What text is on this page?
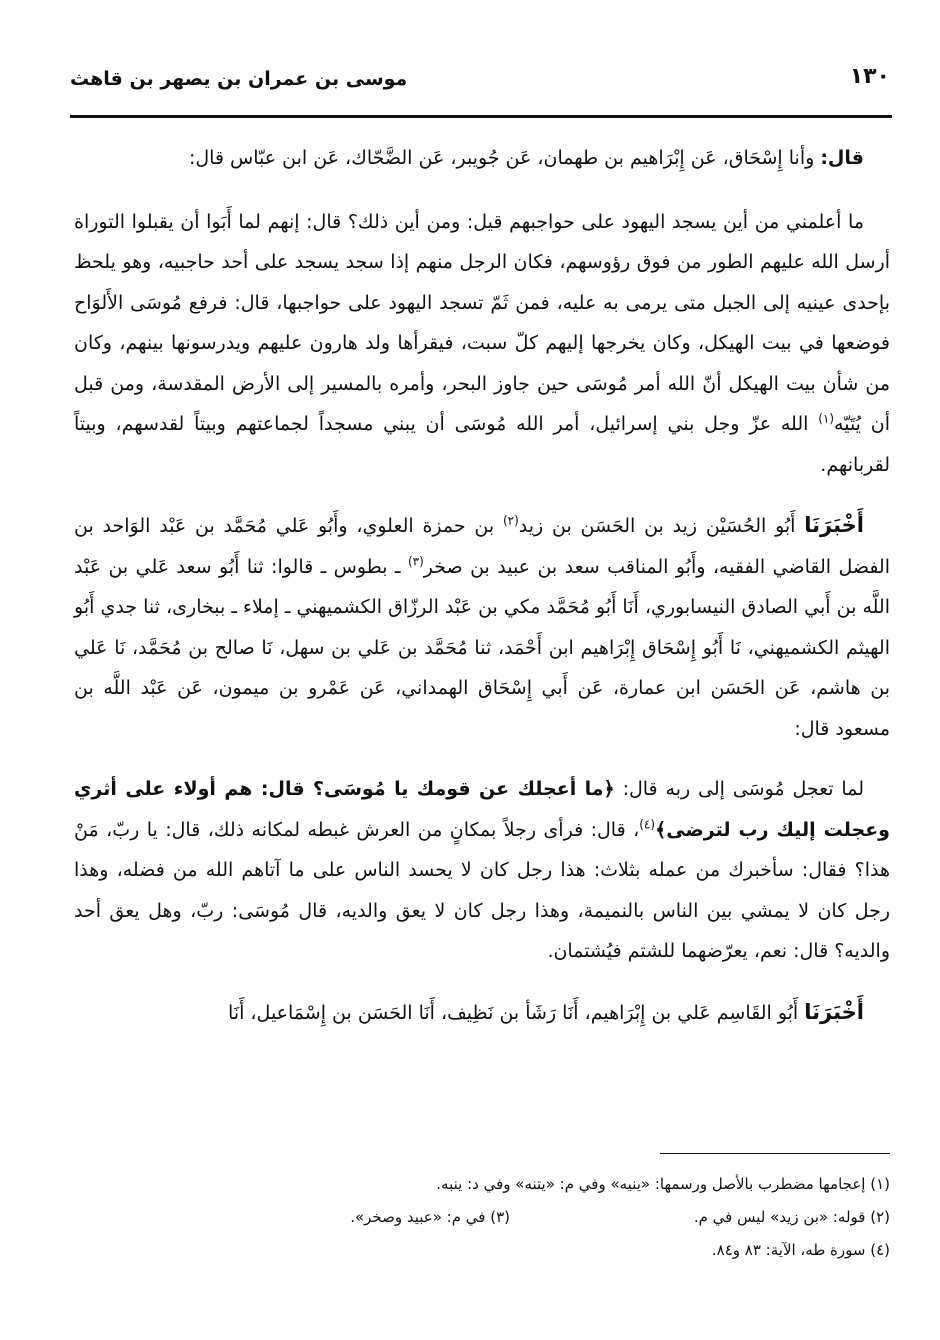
١٣٠
موسى بن عمران بن يصهر بن قاهث

قال: وأنا إِسْحَاق، عَن إِبْرَاهيم بن طهمان، عَن جُويبر، عَن الضَّحّاك، عَن ابن عبّاس قال:

ما أعلمني من أين يسجد اليهود على حواجبهم قيل: ومن أين ذلك؟ قال: إنهم لما أَبَوا أن يقبلوا التوراة أرسل الله عليهم الطور من فوق رؤوسهم، فكان الرجل منهم إذا سجد يسجد على أحد حاجبيه، وهو يلحظ بإحدى عينيه إلى الجبل متى يرمى به عليه، فمن ثَمّ تسجد اليهود على حواجبها، قال: فرفع مُوسَى الأَلوَاح فوضعها في بيت الهيكل، وكان يخرجها إليهم كلّ سبت، فيقرأها ولد هارون عليهم ويدرسونها بينهم، وكان من شأن بيت الهيكل أنّ الله أمر مُوسَى حين جاوز البحر، وأمره بالمسير إلى الأرض المقدسة، ومن قبل أن يُتَيّه$^{(١)}$ الله عزّ وجل بني إسرائيل، أمر الله مُوسَى أن يبني مسجداً لجماعتهم وبيتاً لقدسهم، وبيتاً لقربانهم.

أَخْبَرَنَا أَبُو الحُسَيْن زيد بن الحَسَن بن زيد$^{(٢)}$ بن حمزة العلوي، وأَبُو عَلي مُحَمَّد بن عَبْد الوَاحد بن الفضل القاضي الفقيه، وأَبُو المناقب سعد بن عبيد بن صخر$^{(٣)}$ ـ بطوس ـ قالوا: ثنا أَبُو سعد عَلي بن عَبْد اللَّه بن أَبي الصادق النيسابوري، أَنَا أَبُو مُحَمَّد مكي بن عَبْد الرزّاق الكشميهني ـ إملاء ـ ببخارى، ثنا جدي أَبُو الهيثم الكشميهني، نَا أَبُو إِسْحَاق إِبْرَاهيم ابن أَحْمَد، ثنا مُحَمَّد بن عَلي بن سهل، نَا صالح بن مُحَمَّد، نَا عَلي بن هاشم، عَن الحَسَن ابن عمارة، عَن أَبي إِسْحَاق الهمداني، عَن عَمْرو بن ميمون، عَن عَبْد اللَّه بن مسعود قال:

لما تعجل مُوسَى إلى ربه قال: ﴿ما أعجلك عن قومك يا مُوسَى؟ قال: هم أولاء على أثري وعجلت إليك رب لترضى﴾$^{(٤)}$، قال: فرأى رجلاً بمكانٍ من العرش غبطه لمكانه ذلك، قال: يا ربّ، مَنْ هذا؟ فقال: سأخبرك من عمله بثلاث: هذا رجل كان لا يحسد الناس على ما آتاهم الله من فضله، وهذا رجل كان لا يمشي بين الناس بالنميمة، وهذا رجل كان لا يعق والديه، قال مُوسَى: ربّ، وهل يعق أحد والديه؟ قال: نعم، يعرّضهما للشتم فيُشتمان.

أَخْبَرَنَا أَبُو القَاسِم عَلي بن إِبْرَاهيم، أَنَا رَشَأ بن نَظِيف، أَنَا الحَسَن بن إِسْمَاعيل، أَنَا

(١) إعجامها مضطرب بالأصل ورسمها: «ينيه» وفي م: «يتنه» وفي د: ينبه.
(٢) قوله: «بن زيد» ليس في م.
(٣) في م: «عبيد وصخر».
(٤) سورة طه، الآية: ٨٣ و٨٤.
